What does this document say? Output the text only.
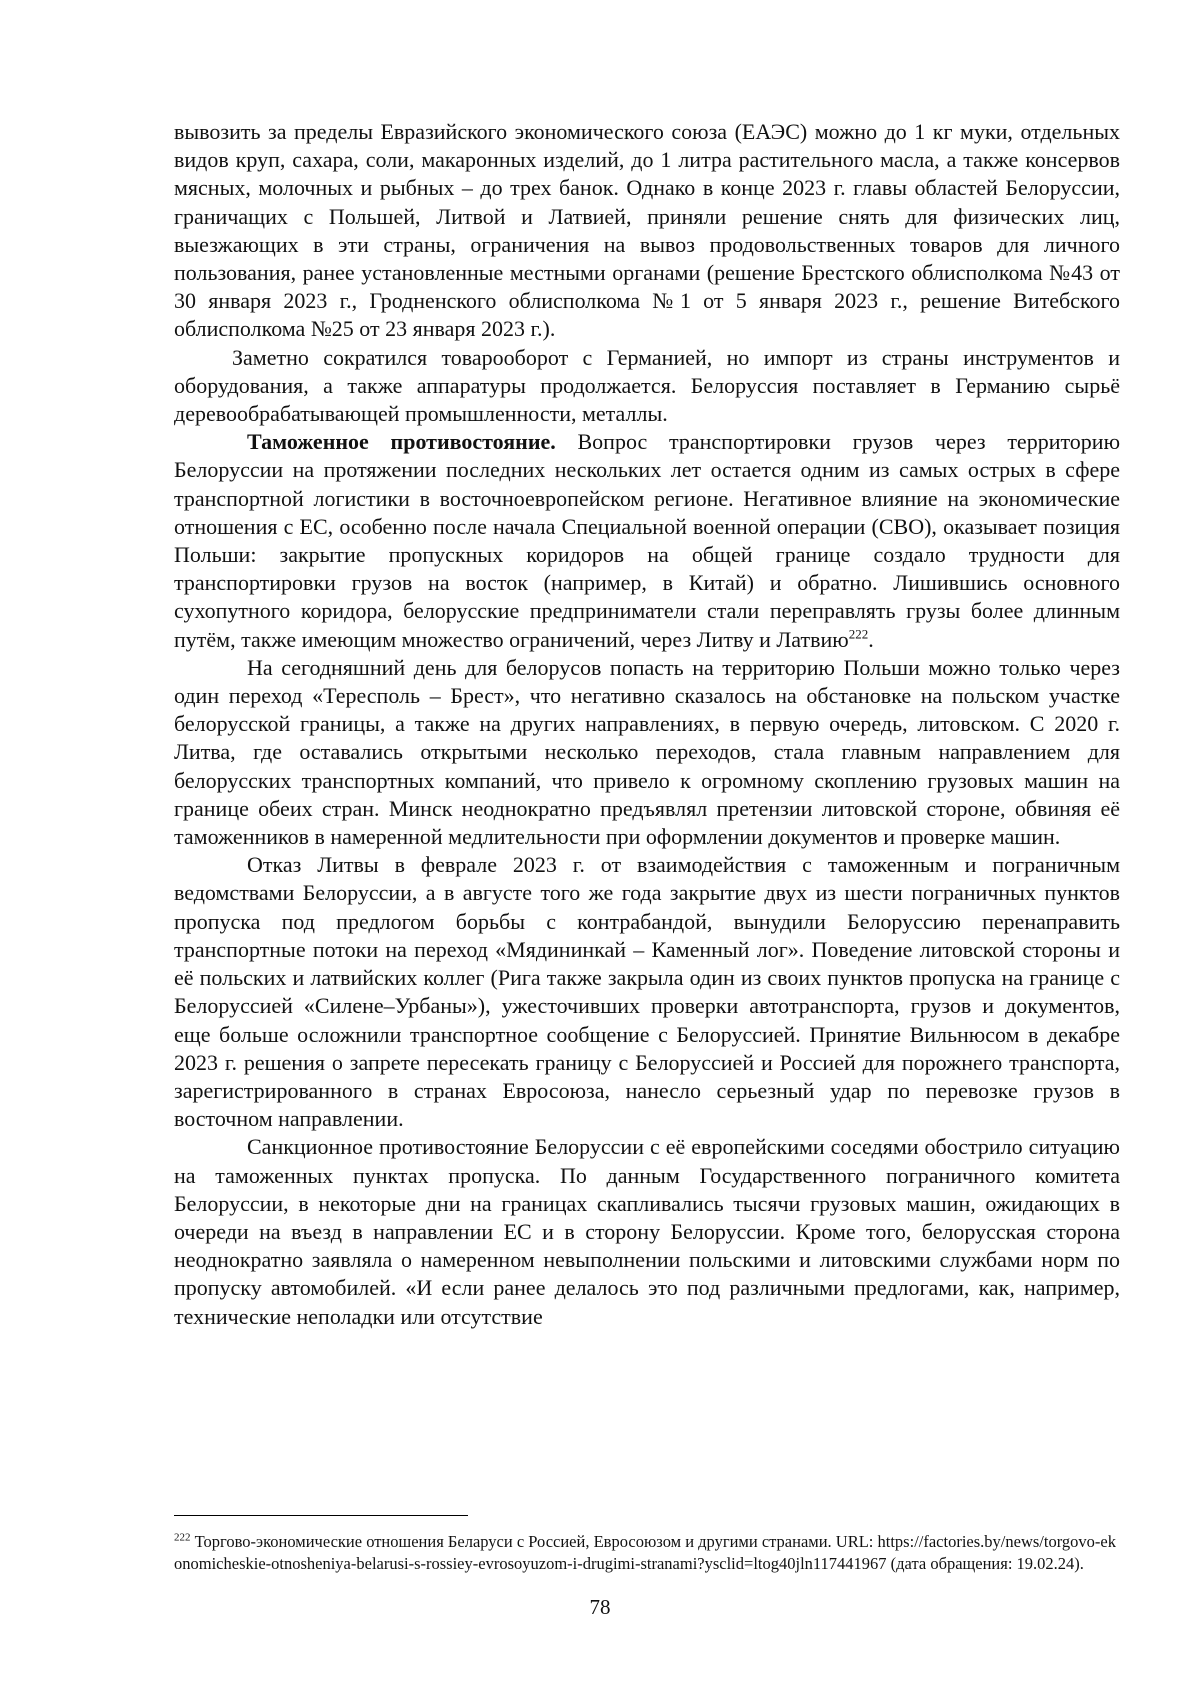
вывозить за пределы Евразийского экономического союза (ЕАЭС) можно до 1 кг муки, отдельных видов круп, сахара, соли, макаронных изделий, до 1 литра растительного масла, а также консервов мясных, молочных и рыбных – до трех банок. Однако в конце 2023 г. главы областей Белоруссии, граничащих с Польшей, Литвой и Латвией, приняли решение снять для физических лиц, выезжающих в эти страны, ограничения на вывоз продовольственных товаров для личного пользования, ранее установленные местными органами (решение Брестского облисполкома №43 от 30 января 2023 г., Гродненского облисполкома №1 от 5 января 2023 г., решение Витебского облисполкома №25 от 23 января 2023 г.).

Заметно сократился товарооборот с Германией, но импорт из страны инструментов и оборудования, а также аппаратуры продолжается. Белоруссия поставляет в Германию сырьё деревообрабатывающей промышленности, металлы.

Таможенное противостояние. Вопрос транспортировки грузов через территорию Белоруссии на протяжении последних нескольких лет остается одним из самых острых в сфере транспортной логистики в восточноевропейском регионе. Негативное влияние на экономические отношения с ЕС, особенно после начала Специальной военной операции (СВО), оказывает позиция Польши: закрытие пропускных коридоров на общей границе создало трудности для транспортировки грузов на восток (например, в Китай) и обратно. Лишившись основного сухопутного коридора, белорусские предприниматели стали переправлять грузы более длинным путём, также имеющим множество ограничений, через Литву и Латвию$^{222}$.

На сегодняшний день для белорусов попасть на территорию Польши можно только через один переход «Тересполь – Брест», что негативно сказалось на обстановке на польском участке белорусской границы, а также на других направлениях, в первую очередь, литовском. С 2020 г. Литва, где оставались открытыми несколько переходов, стала главным направлением для белорусских транспортных компаний, что привело к огромному скоплению грузовых машин на границе обеих стран. Минск неоднократно предъявлял претензии литовской стороне, обвиняя её таможенников в намеренной медлительности при оформлении документов и проверке машин.

Отказ Литвы в феврале 2023 г. от взаимодействия с таможенным и пограничным ведомствами Белоруссии, а в августе того же года закрытие двух из шести пограничных пунктов пропуска под предлогом борьбы с контрабандой, вынудили Белоруссию перенаправить транспортные потоки на переход «Мядининкай – Каменный лог». Поведение литовской стороны и её польских и латвийских коллег (Рига также закрыла один из своих пунктов пропуска на границе с Белоруссией «Силене–Урбаны»), ужесточивших проверки автотранспорта, грузов и документов, еще больше осложнили транспортное сообщение с Белоруссией. Принятие Вильнюсом в декабре 2023 г. решения о запрете пересекать границу с Белоруссией и Россией для порожнего транспорта, зарегистрированного в странах Евросоюза, нанесло серьезный удар по перевозке грузов в восточном направлении.

Санкционное противостояние Белоруссии с её европейскими соседями обострило ситуацию на таможенных пунктах пропуска. По данным Государственного пограничного комитета Белоруссии, в некоторые дни на границах скапливались тысячи грузовых машин, ожидающих в очереди на въезд в направлении ЕС и в сторону Белоруссии. Кроме того, белорусская сторона неоднократно заявляла о намеренном невыполнении польскими и литовскими службами норм по пропуску автомобилей. «И если ранее делалось это под различными предлогами, как, например, технические неполадки или отсутствие

$^{222}$ Торгово-экономические отношения Беларуси с Россией, Евросоюзом и другими странами. URL: https://factories.by/news/torgovo-ekonomicheskie-otnosheniya-belarusi-s-rossiey-evrosoyuzom-i-drugimi-stranami?ysclid=ltog40jln117441967 (дата обращения: 19.02.24).
78
